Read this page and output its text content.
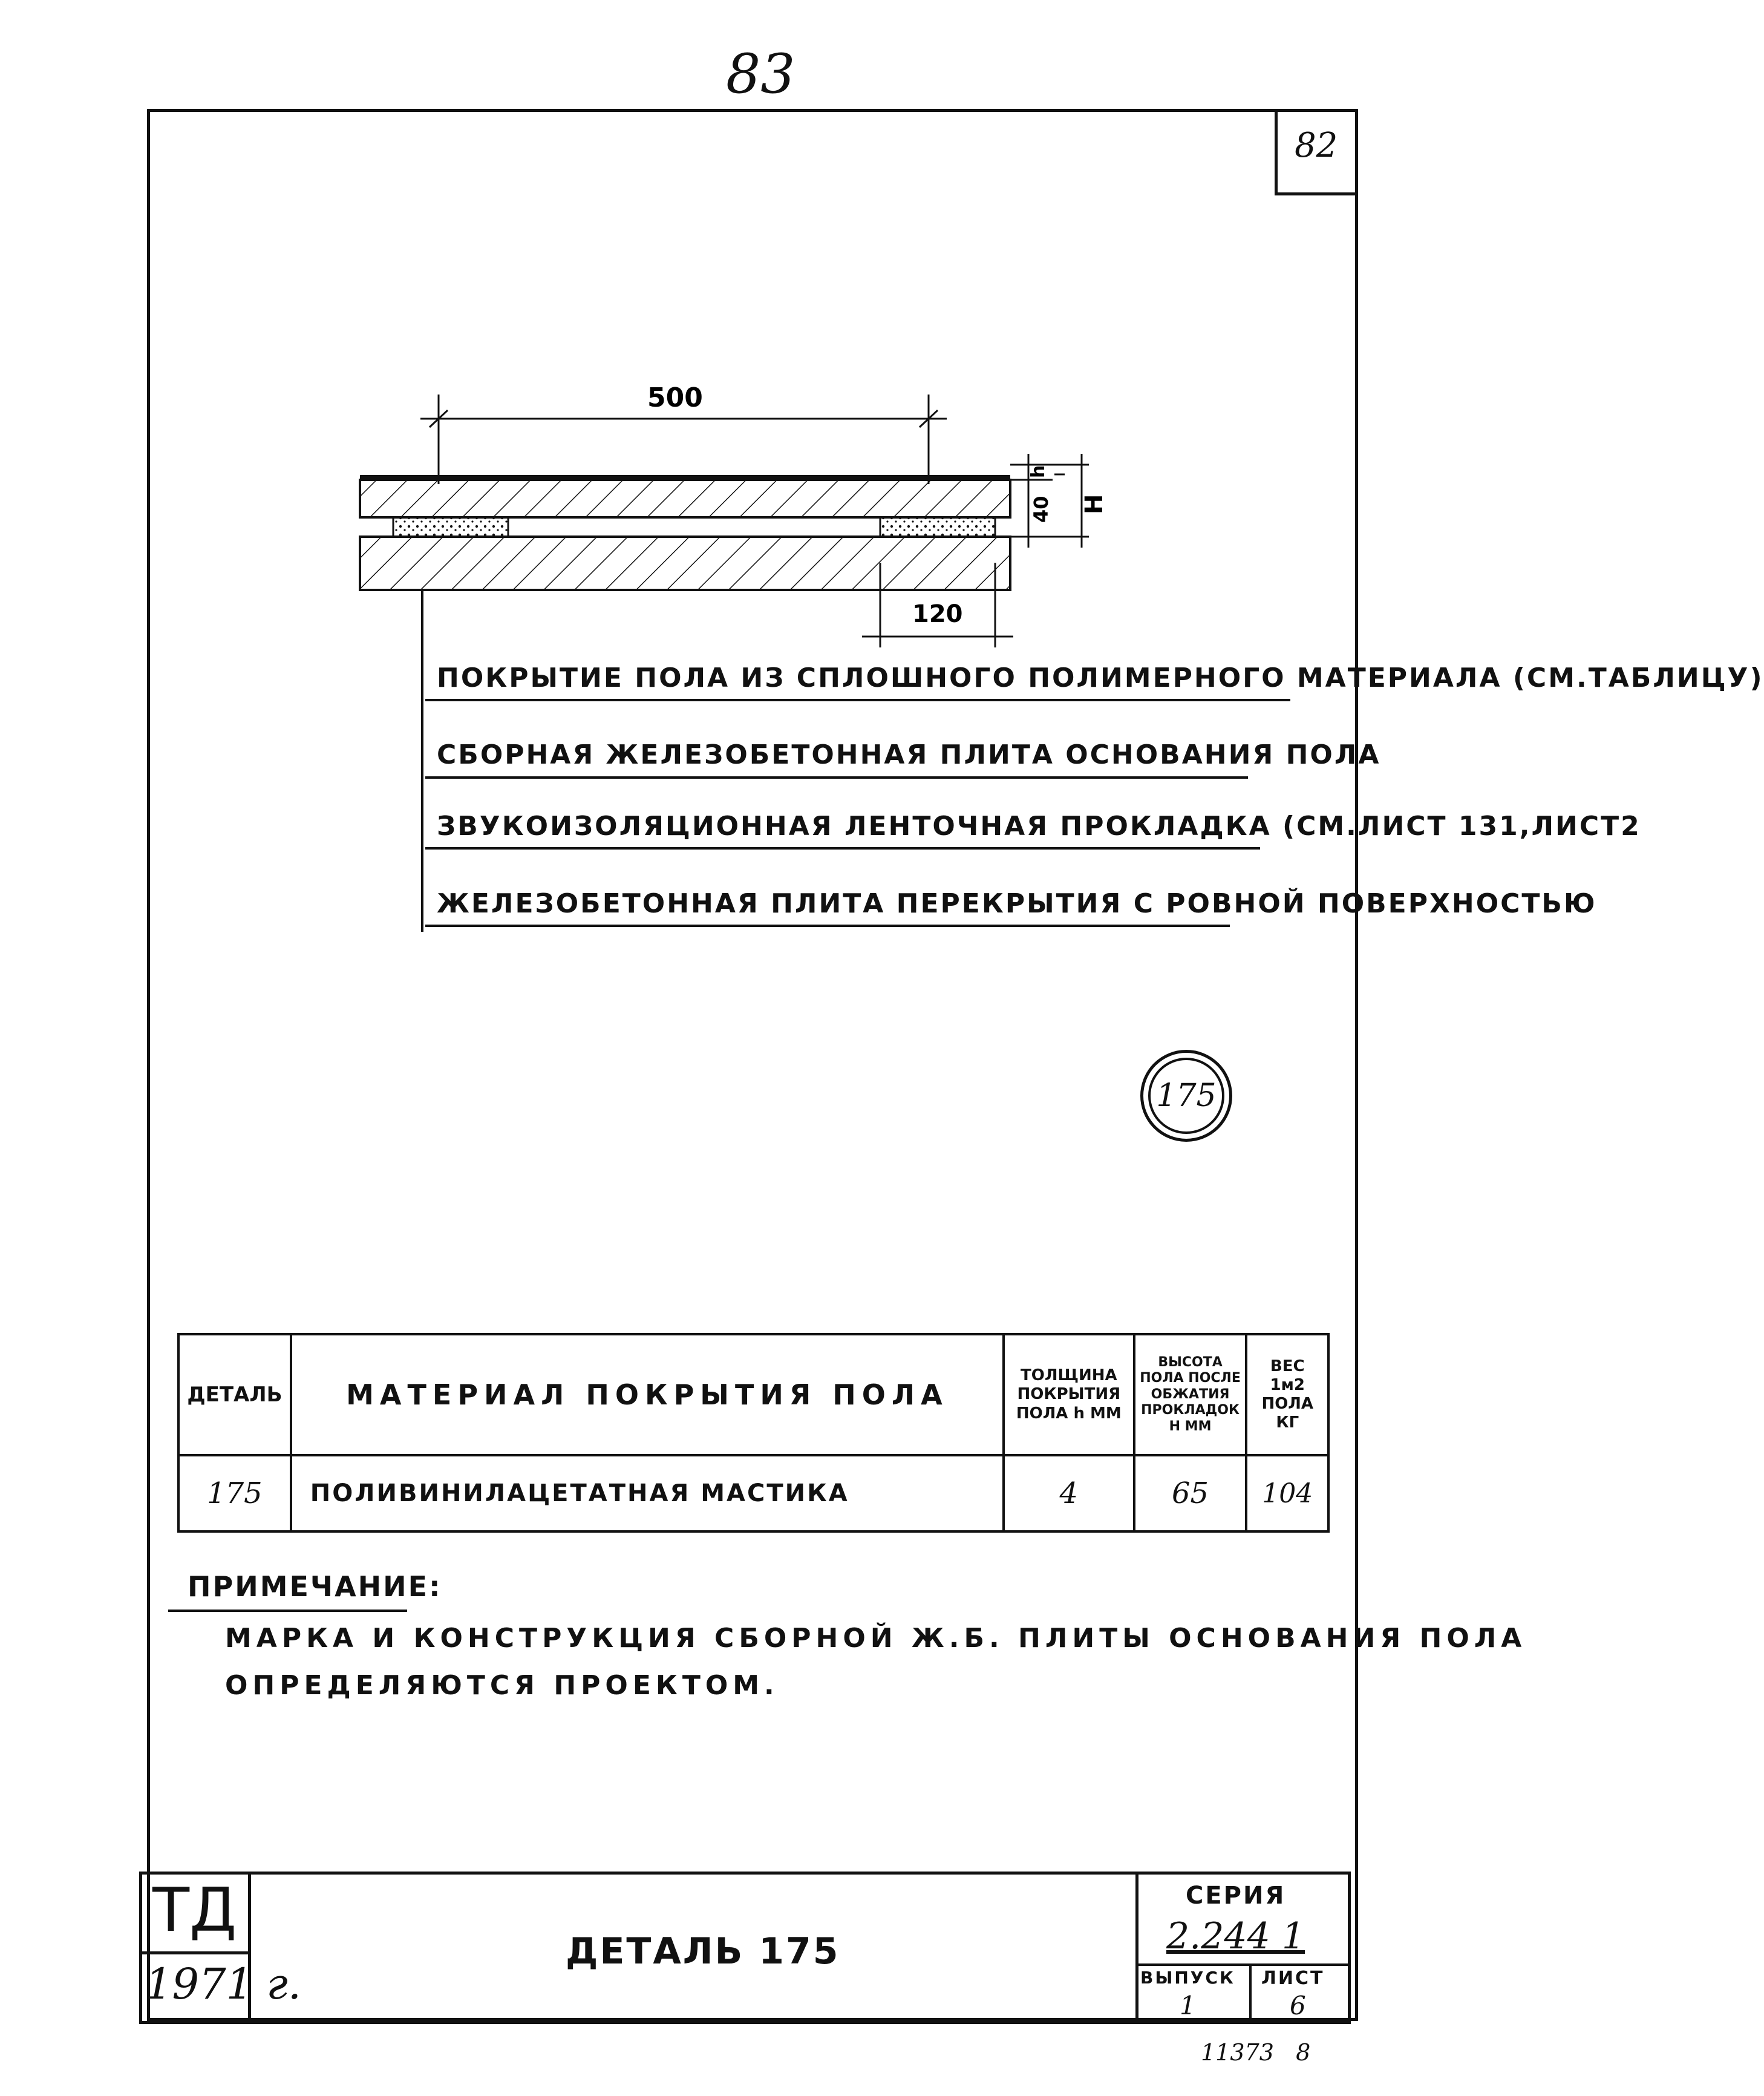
83
82
500
h
40 H
120
ПОКРЫТИЕ ПОЛА ИЗ СПЛОШНОГО ПОЛИМЕРНОГО МАТЕРИАЛА (СМ.ТАБЛИЦУ)
СБОРНАЯ ЖЕЛЕЗОБЕТОННАЯ ПЛИТА ОСНОВАНИЯ ПОЛА
ЗВУКОИЗОЛЯЦИОННАЯ ЛЕНТОЧНАЯ ПРОКЛАДКА (СМ.ЛИСТ 131,ЛИСТ2
ЖЕЛЕЗОБЕТОННАЯ ПЛИТА ПЕРЕКРЫТИЯ С РОВНОЙ ПОВЕРХНОСТЬЮ
175
ДЕТАЛЬ	МАТЕРИАЛ ПОКРЫТИЯ ПОЛА	ТОЛЩИНА ПОКРЫТИЯ ПОЛА h ММ	ВЫСОТА ПОЛА ПОСЛЕ ОБЖАТИЯ ПРОКЛАДОК H ММ	ВЕС 1м2 ПОЛА КГ
175	ПОЛИВИНИЛАЦЕТАТНАЯ МАСТИКА	4	65	104
ПРИМЕЧАНИЕ:
МАРКА И КОНСТРУКЦИЯ СБОРНОЙ Ж.Б. ПЛИТЫ ОСНОВАНИЯ ПОЛА
ОПРЕДЕЛЯЮТСЯ ПРОЕКТОМ.
ТД
1971 г.
ДЕТАЛЬ 175
СЕРИЯ
2.244 1
ВЫПУСК
1
ЛИСТ
6
11373   8
